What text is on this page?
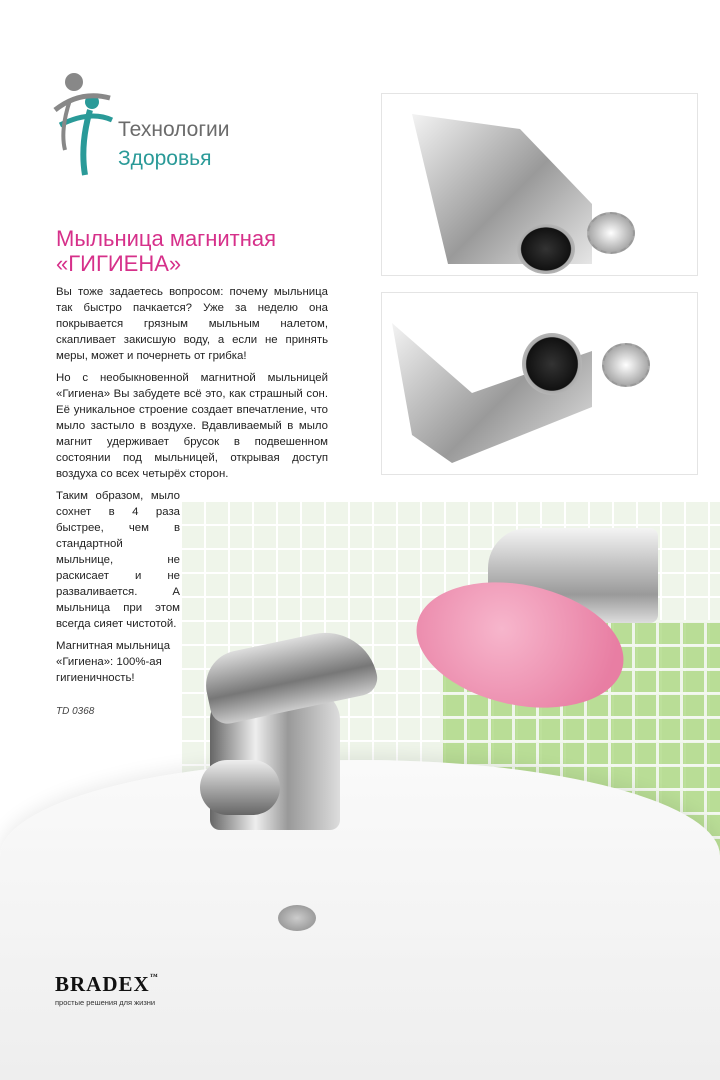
Технологии
Здоровья
Мыльница магнитная «ГИГИЕНА»

Вы тоже задаетесь вопросом: почему мыльница так быстро пачкается? Уже за неделю она покрывается грязным мыльным налетом, скапливает закисшую воду, а если не принять меры, может и почернеть от грибка!

Но с необыкновенной магнитной мыльницей «Гигиена» Вы забудете всё это, как страшный сон. Её уникальное строение создает впечатление, что мыло застыло в воздухе. Вдавливаемый в мыло магнит удерживает брусок в подвешенном состоянии под мыльницей, открывая доступ воздуха со всех четырёх сторон.

Таким образом, мыло сохнет в 4 раза быстрее, чем в стандартной мыльнице, не раскисает и не разваливается. А мыльница при этом всегда сияет чистотой.

Магнитная мыльница «Гигиена»: 100%-ая гигиеничность!

TD 0368
BRADEX™
простые решения для жизни
